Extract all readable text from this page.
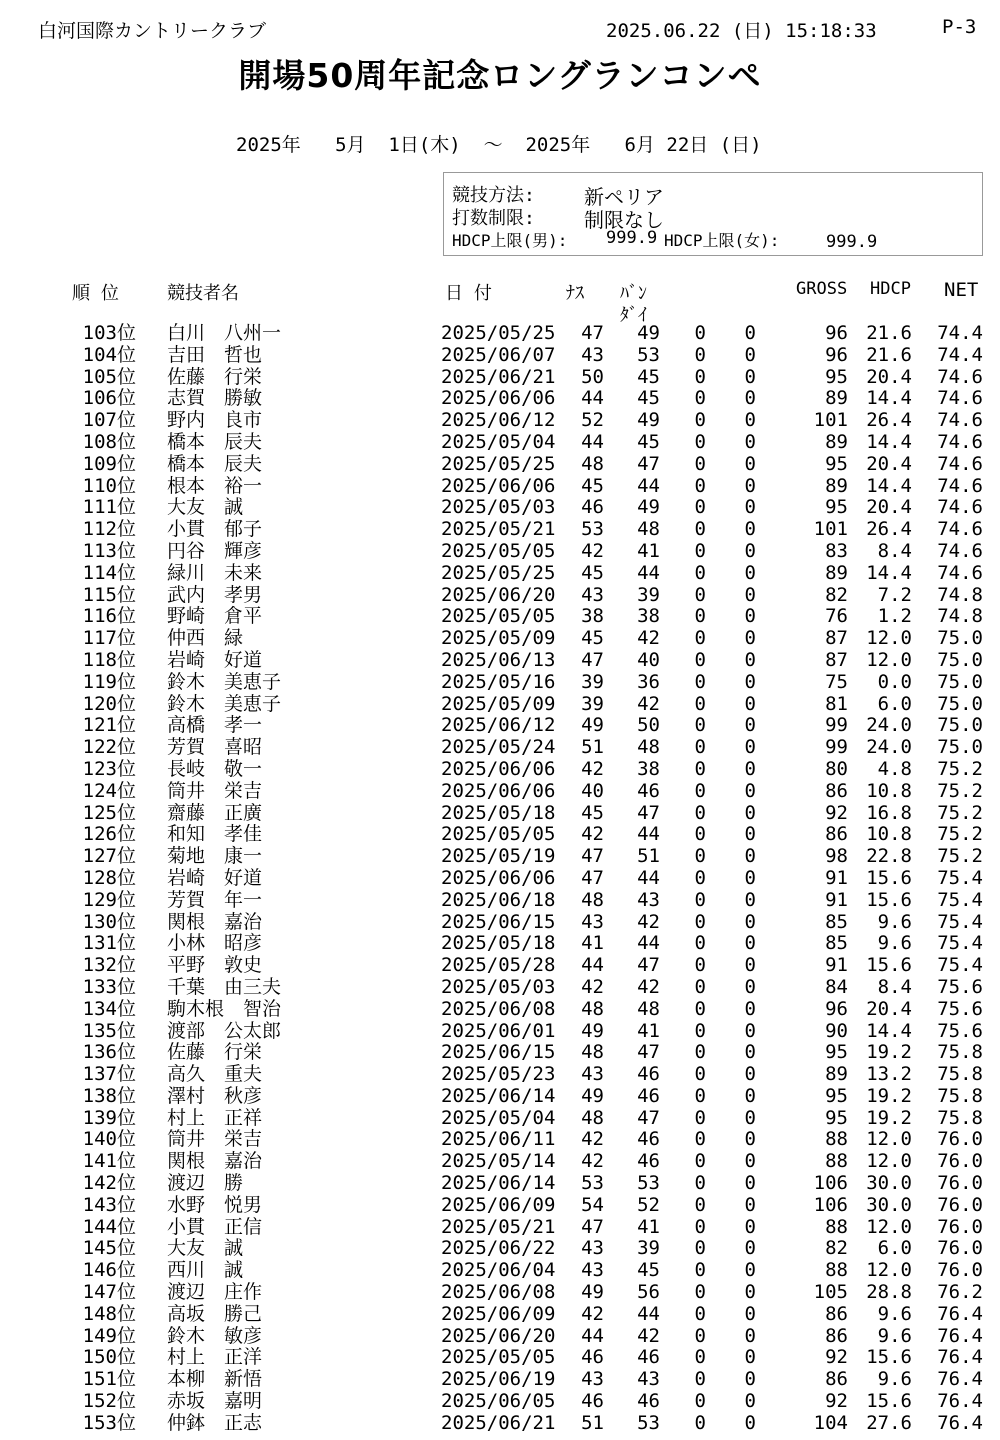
白河国際カントリークラブ	2025.06.22 (日) 15:18:33	P-3
開場50周年記念ロングランコンペ
2025年   5月  1日(木)  ～  2025年   6月 22日 (日)
競技方法: 新ペリア
打数制限: 制限なし
HDCP上限(男): 999.9 HDCP上限(女):	999.9
順 位	競技者名	日 付	ﾅｽ ﾊﾞﾝ
ﾀﾞｲ
GROSS HDCP NET
103位 白川　八州一	2025/05/25	47	49	0	0	96 21.6	74.4
104位 吉田　哲也	2025/06/07	43	53	0	0	96 21.6	74.4
105位 佐藤　行栄	2025/06/21	50	45	0	0	95 20.4	74.6
106位 志賀　勝敏	2025/06/06	44	45	0	0	89 14.4	74.6
107位 野内　良市	2025/06/12	52	49	0	0	101 26.4	74.6
108位 橋本　辰夫	2025/05/04	44	45	0	0	89 14.4	74.6
109位 橋本　辰夫	2025/05/25	48	47	0	0	95 20.4	74.6
110位 根本　裕一	2025/06/06	45	44	0	0	89 14.4	74.6
111位 大友　誠	2025/05/03	46	49	0	0	95 20.4	74.6
112位 小貫　郁子	2025/05/21	53	48	0	0	101 26.4	74.6
113位 円谷　輝彦	2025/05/05	42	41	0	0	83	8.4	74.6
114位 緑川　未来	2025/05/25	45	44	0	0	89 14.4	74.6
115位 武内　孝男	2025/06/20	43	39	0	0	82	7.2	74.8
116位 野崎　倉平	2025/05/05	38	38	0	0	76	1.2	74.8
117位 仲西　緑	2025/05/09	45	42	0	0	87 12.0	75.0
118位 岩崎　好道	2025/06/13	47	40	0	0	87 12.0	75.0
119位 鈴木　美恵子	2025/05/16	39	36	0	0	75	0.0	75.0
120位 鈴木　美恵子	2025/05/09	39	42	0	0	81	6.0	75.0
121位 高橋　孝一	2025/06/12	49	50	0	0	99 24.0	75.0
122位 芳賀　喜昭	2025/05/24	51	48	0	0	99 24.0	75.0
123位 長岐　敬一	2025/06/06	42	38	0	0	80	4.8	75.2
124位 筒井　栄吉	2025/06/06	40	46	0	0	86 10.8	75.2
125位 齋藤　正廣	2025/05/18	45	47	0	0	92 16.8	75.2
126位 和知　孝佳	2025/05/05	42	44	0	0	86 10.8	75.2
127位 菊地　康一	2025/05/19	47	51	0	0	98 22.8	75.2
128位 岩崎　好道	2025/06/06	47	44	0	0	91 15.6	75.4
129位 芳賀　年一	2025/06/18	48	43	0	0	91 15.6	75.4
130位 関根　嘉治	2025/06/15	43	42	0	0	85	9.6	75.4
131位 小林　昭彦	2025/05/18	41	44	0	0	85	9.6	75.4
132位 平野　敦史	2025/05/28	44	47	0	0	91 15.6	75.4
133位 千葉　由三夫	2025/05/03	42	42	0	0	84	8.4	75.6
134位 駒木根　智治	2025/06/08	48	48	0	0	96 20.4	75.6
135位 渡部　公太郎	2025/06/01	49	41	0	0	90 14.4	75.6
136位 佐藤　行栄	2025/06/15	48	47	0	0	95 19.2	75.8
137位 高久　重夫	2025/05/23	43	46	0	0	89 13.2	75.8
138位 澤村　秋彦	2025/06/14	49	46	0	0	95 19.2	75.8
139位 村上　正祥	2025/05/04	48	47	0	0	95 19.2	75.8
140位 筒井　栄吉	2025/06/11	42	46	0	0	88 12.0	76.0
141位 関根　嘉治	2025/05/14	42	46	0	0	88 12.0	76.0
142位 渡辺　勝	2025/06/14	53	53	0	0	106 30.0	76.0
143位 水野　悦男	2025/06/09	54	52	0	0	106 30.0	76.0
144位 小貫　正信	2025/05/21	47	41	0	0	88 12.0	76.0
145位 大友　誠	2025/06/22	43	39	0	0	82	6.0	76.0
146位 西川　誠	2025/06/04	43	45	0	0	88 12.0	76.0
147位 渡辺　庄作	2025/06/08	49	56	0	0	105 28.8	76.2
148位 高坂　勝己	2025/06/09	42	44	0	0	86	9.6	76.4
149位 鈴木　敏彦	2025/06/20	44	42	0	0	86	9.6	76.4
150位 村上　正洋	2025/05/05	46	46	0	0	92 15.6	76.4
151位 本柳　新悟	2025/06/19	43	43	0	0	86	9.6	76.4
152位 赤坂　嘉明	2025/06/05	46	46	0	0	92 15.6	76.4
153位 仲鉢　正志	2025/06/21	51	53	0	0	104 27.6	76.4
